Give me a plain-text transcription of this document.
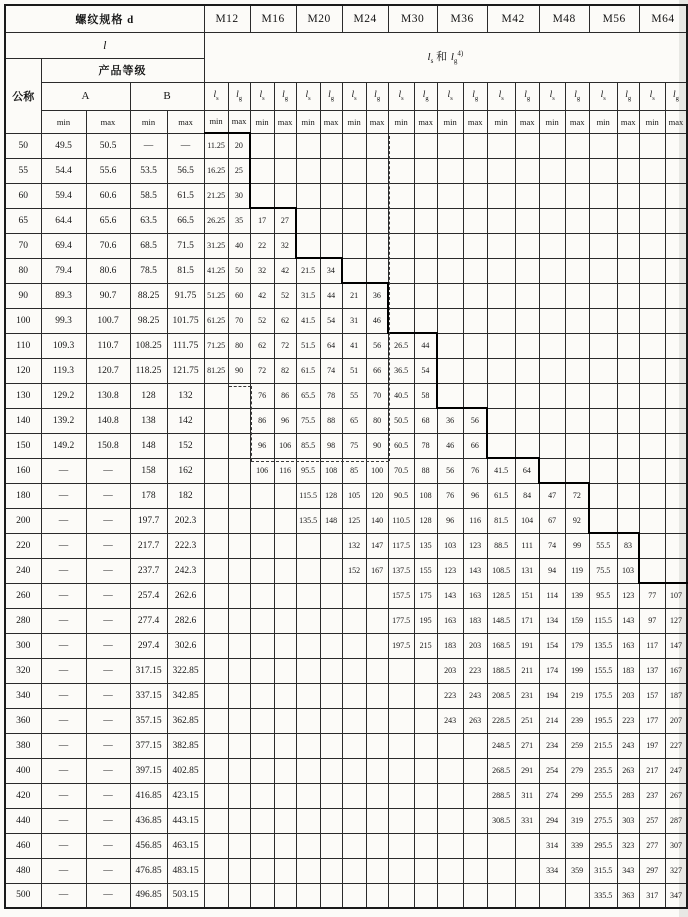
螺纹规格 d					M12		M16		M20		M24		M30		M36		M42		M48		M56		M64	
l					$l_s$ 和 $l_g^{4)}$
公称	产品等级																							
	A		B		$l_s$	$l_g$	$l_s$	$l_g$	$l_s$	$l_g$	$l_s$	$l_g$	$l_s$	$l_g$	$l_s$	$l_g$	$l_s$	$l_g$	$l_s$	$l_g$	$l_s$	$l_g$	$l_s$	$l_g$
	min	max	min	max	min	max	min	max	min	max	min	max	min	max	min	max	min	max	min	max	min	max	min	max
50	49.5	50.5	—	—	11.25	20																		
55	54.4	55.6	53.5	56.5	16.25	25																		
60	59.4	60.6	58.5	61.5	21.25	30																		
65	64.4	65.6	63.5	66.5	26.25	35	17	27																
70	69.4	70.6	68.5	71.5	31.25	40	22	32																
80	79.4	80.6	78.5	81.5	41.25	50	32	42	21.5	34														
90	89.3	90.7	88.25	91.75	51.25	60	42	52	31.5	44	21	36												
100	99.3	100.7	98.25	101.75	61.25	70	52	62	41.5	54	31	46												
110	109.3	110.7	108.25	111.75	71.25	80	62	72	51.5	64	41	56	26.5	44										
120	119.3	120.7	118.25	121.75	81.25	90	72	82	61.5	74	51	66	36.5	54										
130	129.2	130.8	128	132			76	86	65.5	78	55	70	40.5	58										
140	139.2	140.8	138	142			86	96	75.5	88	65	80	50.5	68	36	56								
150	149.2	150.8	148	152			96	106	85.5	98	75	90	60.5	78	46	66								
160	—	—	158	162			106	116	95.5	108	85	100	70.5	88	56	76	41.5	64						
180	—	—	178	182					115.5	128	105	120	90.5	108	76	96	61.5	84	47	72				
200	—	—	197.7	202.3					135.5	148	125	140	110.5	128	96	116	81.5	104	67	92				
220	—	—	217.7	222.3							132	147	117.5	135	103	123	88.5	111	74	99	55.5	83		
240	—	—	237.7	242.3							152	167	137.5	155	123	143	108.5	131	94	119	75.5	103		
260	—	—	257.4	262.6									157.5	175	143	163	128.5	151	114	139	95.5	123	77	107
280	—	—	277.4	282.6									177.5	195	163	183	148.5	171	134	159	115.5	143	97	127
300	—	—	297.4	302.6									197.5	215	183	203	168.5	191	154	179	135.5	163	117	147
320	—	—	317.15	322.85											203	223	188.5	211	174	199	155.5	183	137	167
340	—	—	337.15	342.85											223	243	208.5	231	194	219	175.5	203	157	187
360	—	—	357.15	362.85											243	263	228.5	251	214	239	195.5	223	177	207
380	—	—	377.15	382.85													248.5	271	234	259	215.5	243	197	227
400	—	—	397.15	402.85													268.5	291	254	279	235.5	263	217	247
420	—	—	416.85	423.15													288.5	311	274	299	255.5	283	237	267
440	—	—	436.85	443.15													308.5	331	294	319	275.5	303	257	287
460	—	—	456.85	463.15															314	339	295.5	323	277	307
480	—	—	476.85	483.15															334	359	315.5	343	297	327
500	—	—	496.85	503.15																	335.5	363	317	347
